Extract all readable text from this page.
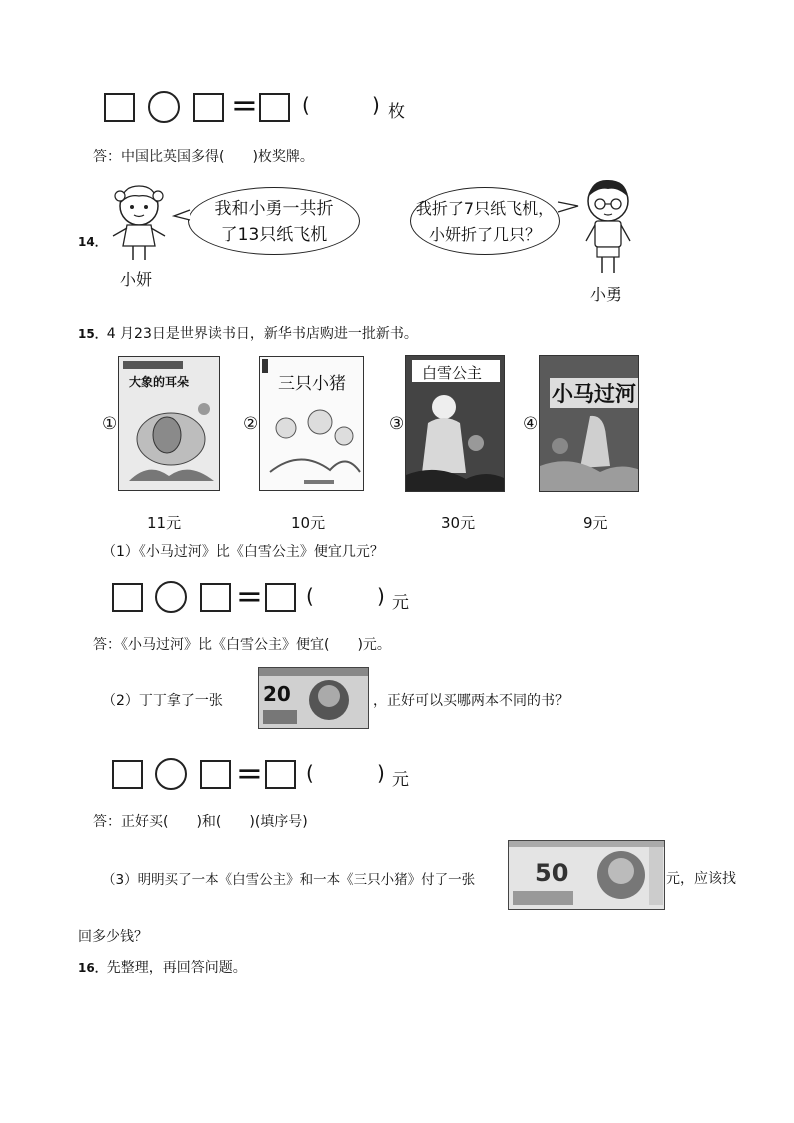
= (	) 枚
答：中国比英国多得(　　)枚奖牌。
14．
小妍
我和小勇一共折
了13只纸飞机
我折了7只纸飞机，
小妍折了几只？
小勇
15．4 月23日是世界读书日，新华书店购进一批新书。
①
大象的耳朵
11元
②
三只小猪
10元
③
白雪公主
30元
④
小马过河
9元
（1）《小马过河》比《白雪公主》便宜几元？
= (	) 元
答：《小马过河》比《白雪公主》便宜(　　)元。
（2）丁丁拿了一张 20	，正好可以买哪两本不同的书？
= (	) 元
答：正好买(　　)和(　　)(填序号)
（3）明明买了一本《白雪公主》和一本《三只小猪》付了一张 50	元，应该找
回多少钱？
16．先整理，再回答问题。
